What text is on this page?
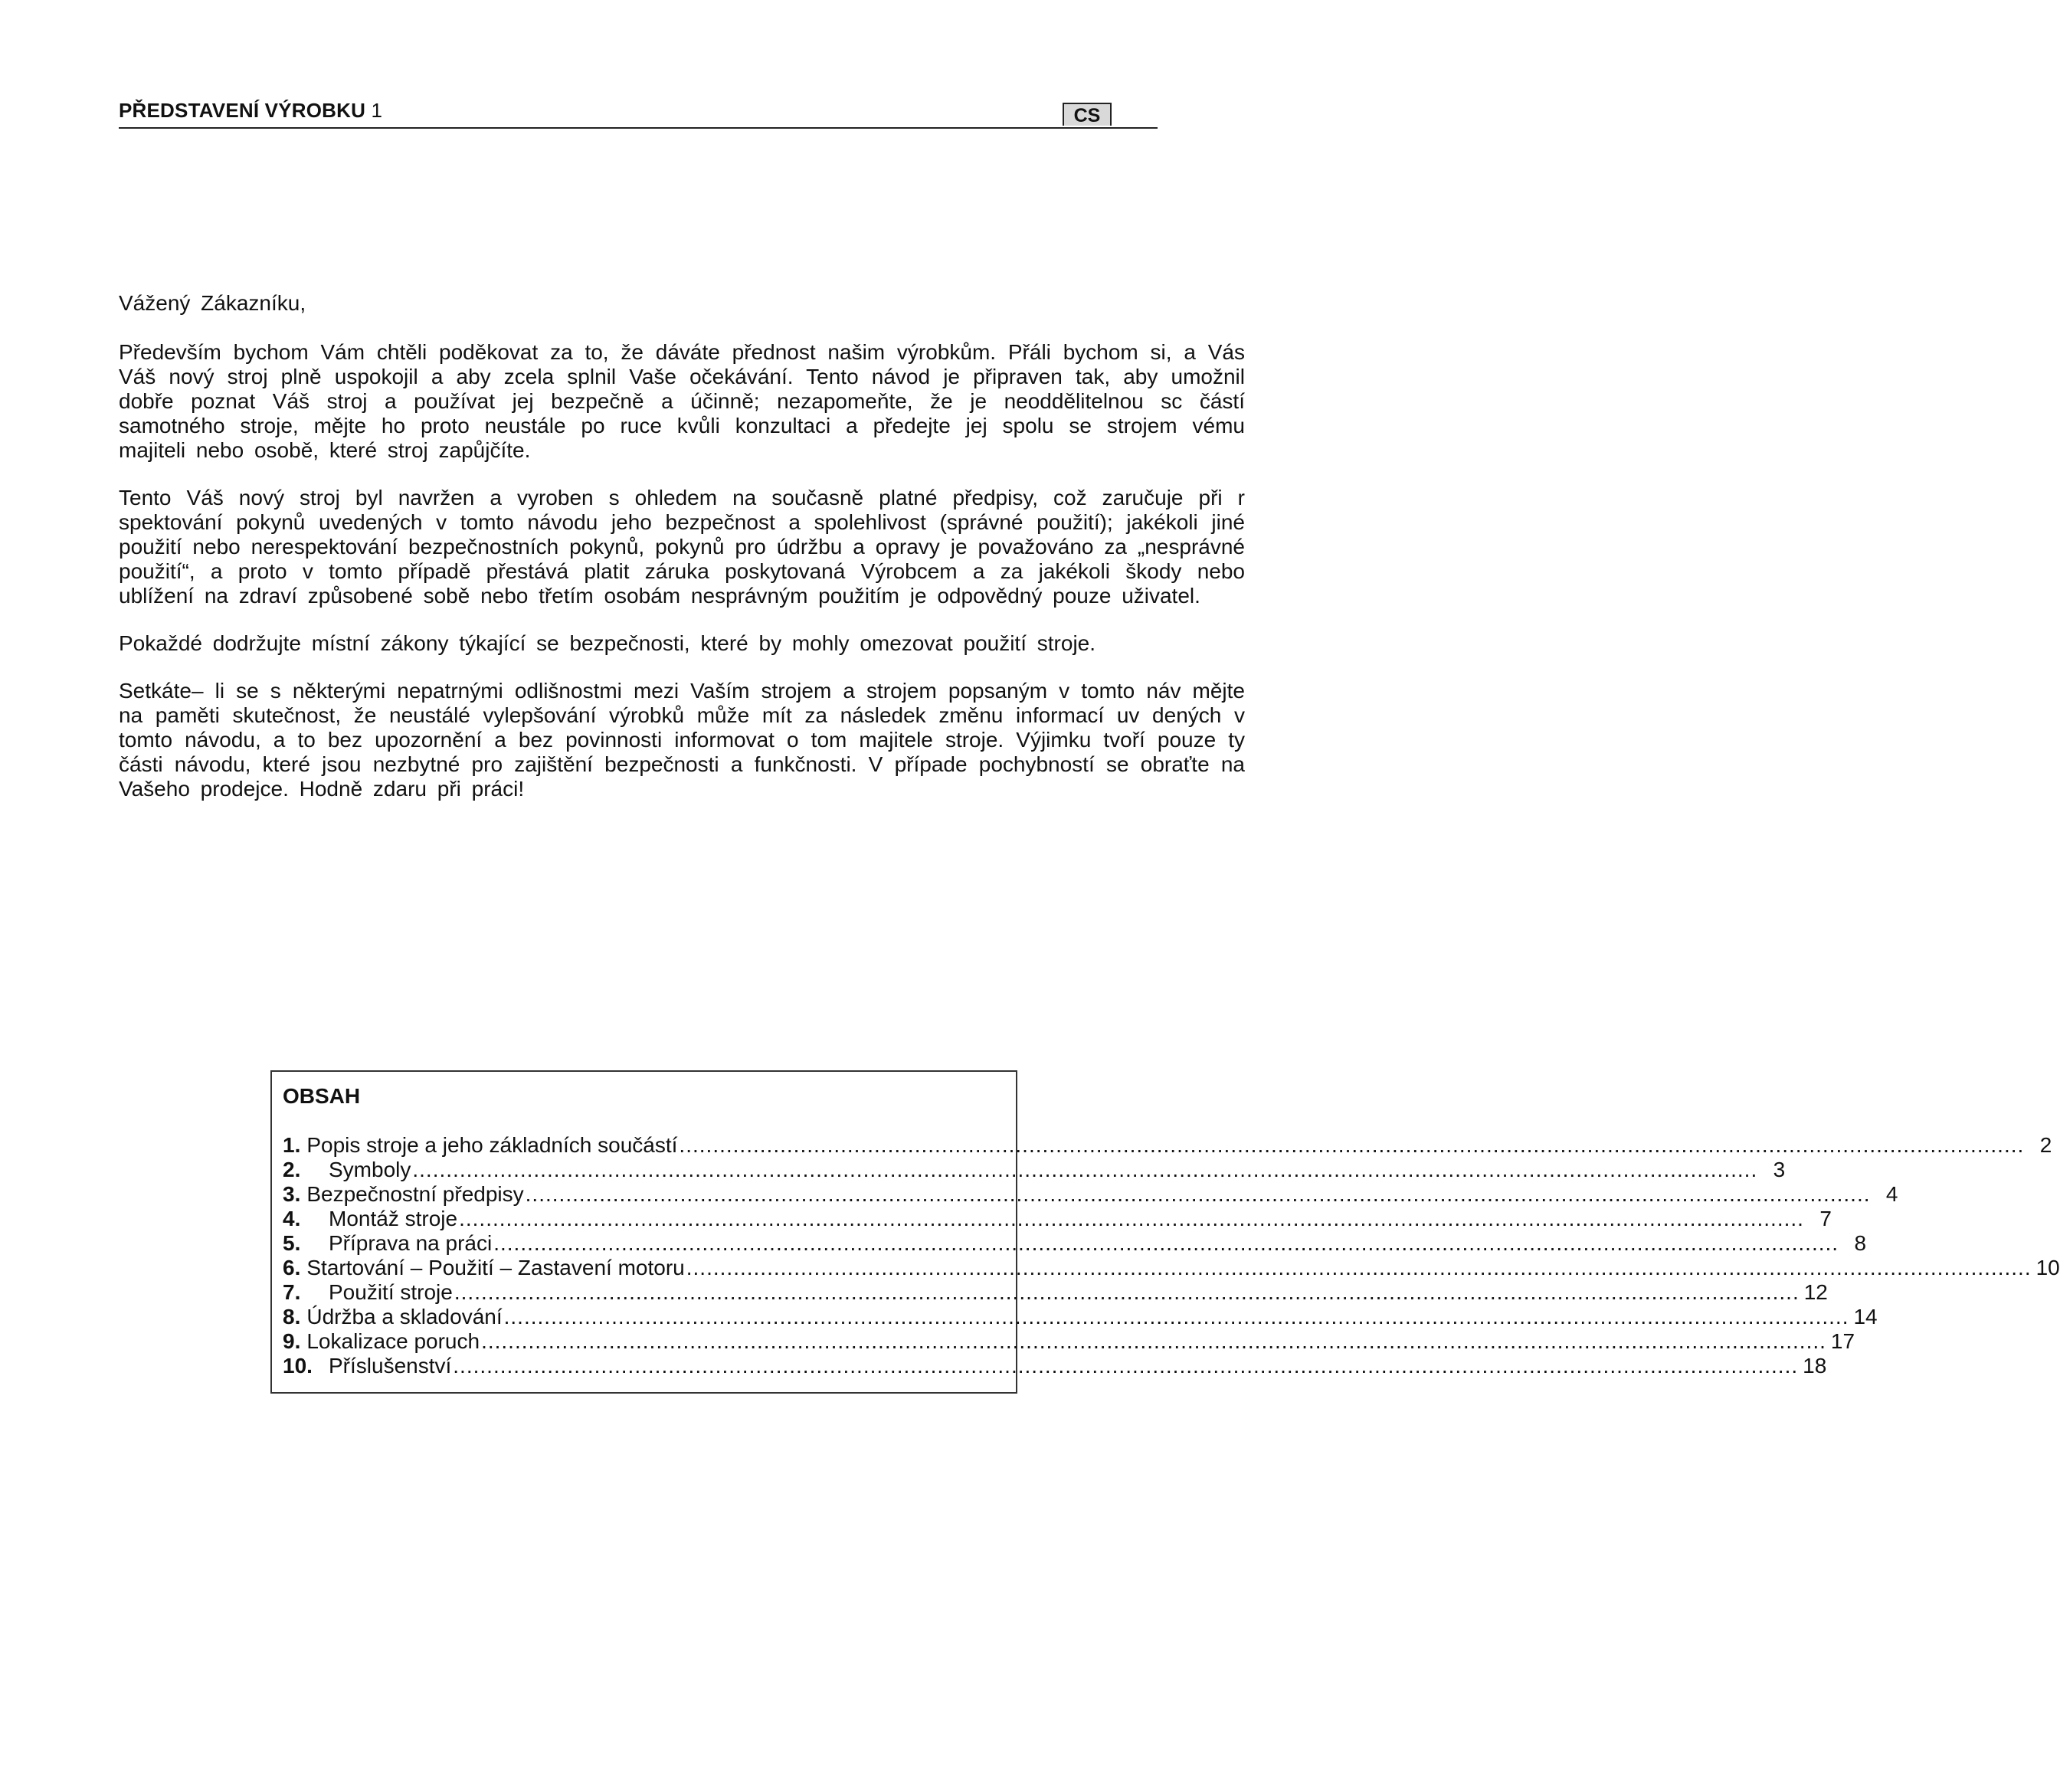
PŘEDSTAVENÍ VÝROBKU 1	CS

Vážený Zákazníku,

Především bychom Vám chtěli poděkovat za to, že dáváte přednost našim výrobkům. Přáli bychom si, a Vás Váš nový stroj plně uspokojil a aby zcela splnil Vaše očekávání. Tento návod je připraven tak, aby umožnil dobře poznat Váš stroj a používat jej bezpečně a účinně; nezapomeňte, že je neoddělitelnou sc částí samotného stroje, mějte ho proto neustále po ruce kvůli konzultaci a předejte jej spolu se strojem vému majiteli nebo osobě, které stroj zapůjčíte.

Tento Váš nový stroj byl navržen a vyroben s ohledem na současně platné předpisy, což zaručuje při r spektování pokynů uvedených v tomto návodu jeho bezpečnost a spolehlivost (správné použití); jakékoli jiné použití nebo nerespektování bezpečnostních pokynů, pokynů pro údržbu a opravy je považováno za „nesprávné použití“, a proto v tomto případě přestává platit záruka poskytovaná Výrobcem a za jakékoli škody nebo ublížení na zdraví způsobené sobě nebo třetím osobám nesprávným použitím je odpovědný pouze uživatel.

Pokaždé dodržujte místní zákony týkající se bezpečnosti, které by mohly omezovat použití stroje.

Setkáte– li se s některými nepatrnými odlišnostmi mezi Vaším strojem a strojem popsaným v tomto náv mějte na paměti skutečnost, že neustálé vylepšování výrobků může mít za následek změnu informací uv dených v tomto návodu, a to bez upozornění a bez povinnosti informovat o tom majitele stroje. Výjimku tvoří pouze ty části návodu, které jsou nezbytné pro zajištění bezpečnosti a funkčnosti. V případe pochybností se obraťte na Vašeho prodejce. Hodně zdaru při práci!

OBSAH
1. Popis stroje a jeho základních součástí ........................................................................................................................................................................................................ 2
2.	Symboly ........................................................................................................................................................................................................ 3
3. Bezpečnostní předpisy ........................................................................................................................................................................................................ 4
4.	Montáž stroje ........................................................................................................................................................................................................ 7
5.	Příprava na práci ........................................................................................................................................................................................................ 8
6. Startování – Použití – Zastavení motoru ........................................................................................................................................................................................................ 10
7.	Použití stroje ........................................................................................................................................................................................................ 12
8. Údržba a skladování ........................................................................................................................................................................................................ 14
9. Lokalizace poruch ........................................................................................................................................................................................................ 17
10. Příslušenství ........................................................................................................................................................................................................ 18
